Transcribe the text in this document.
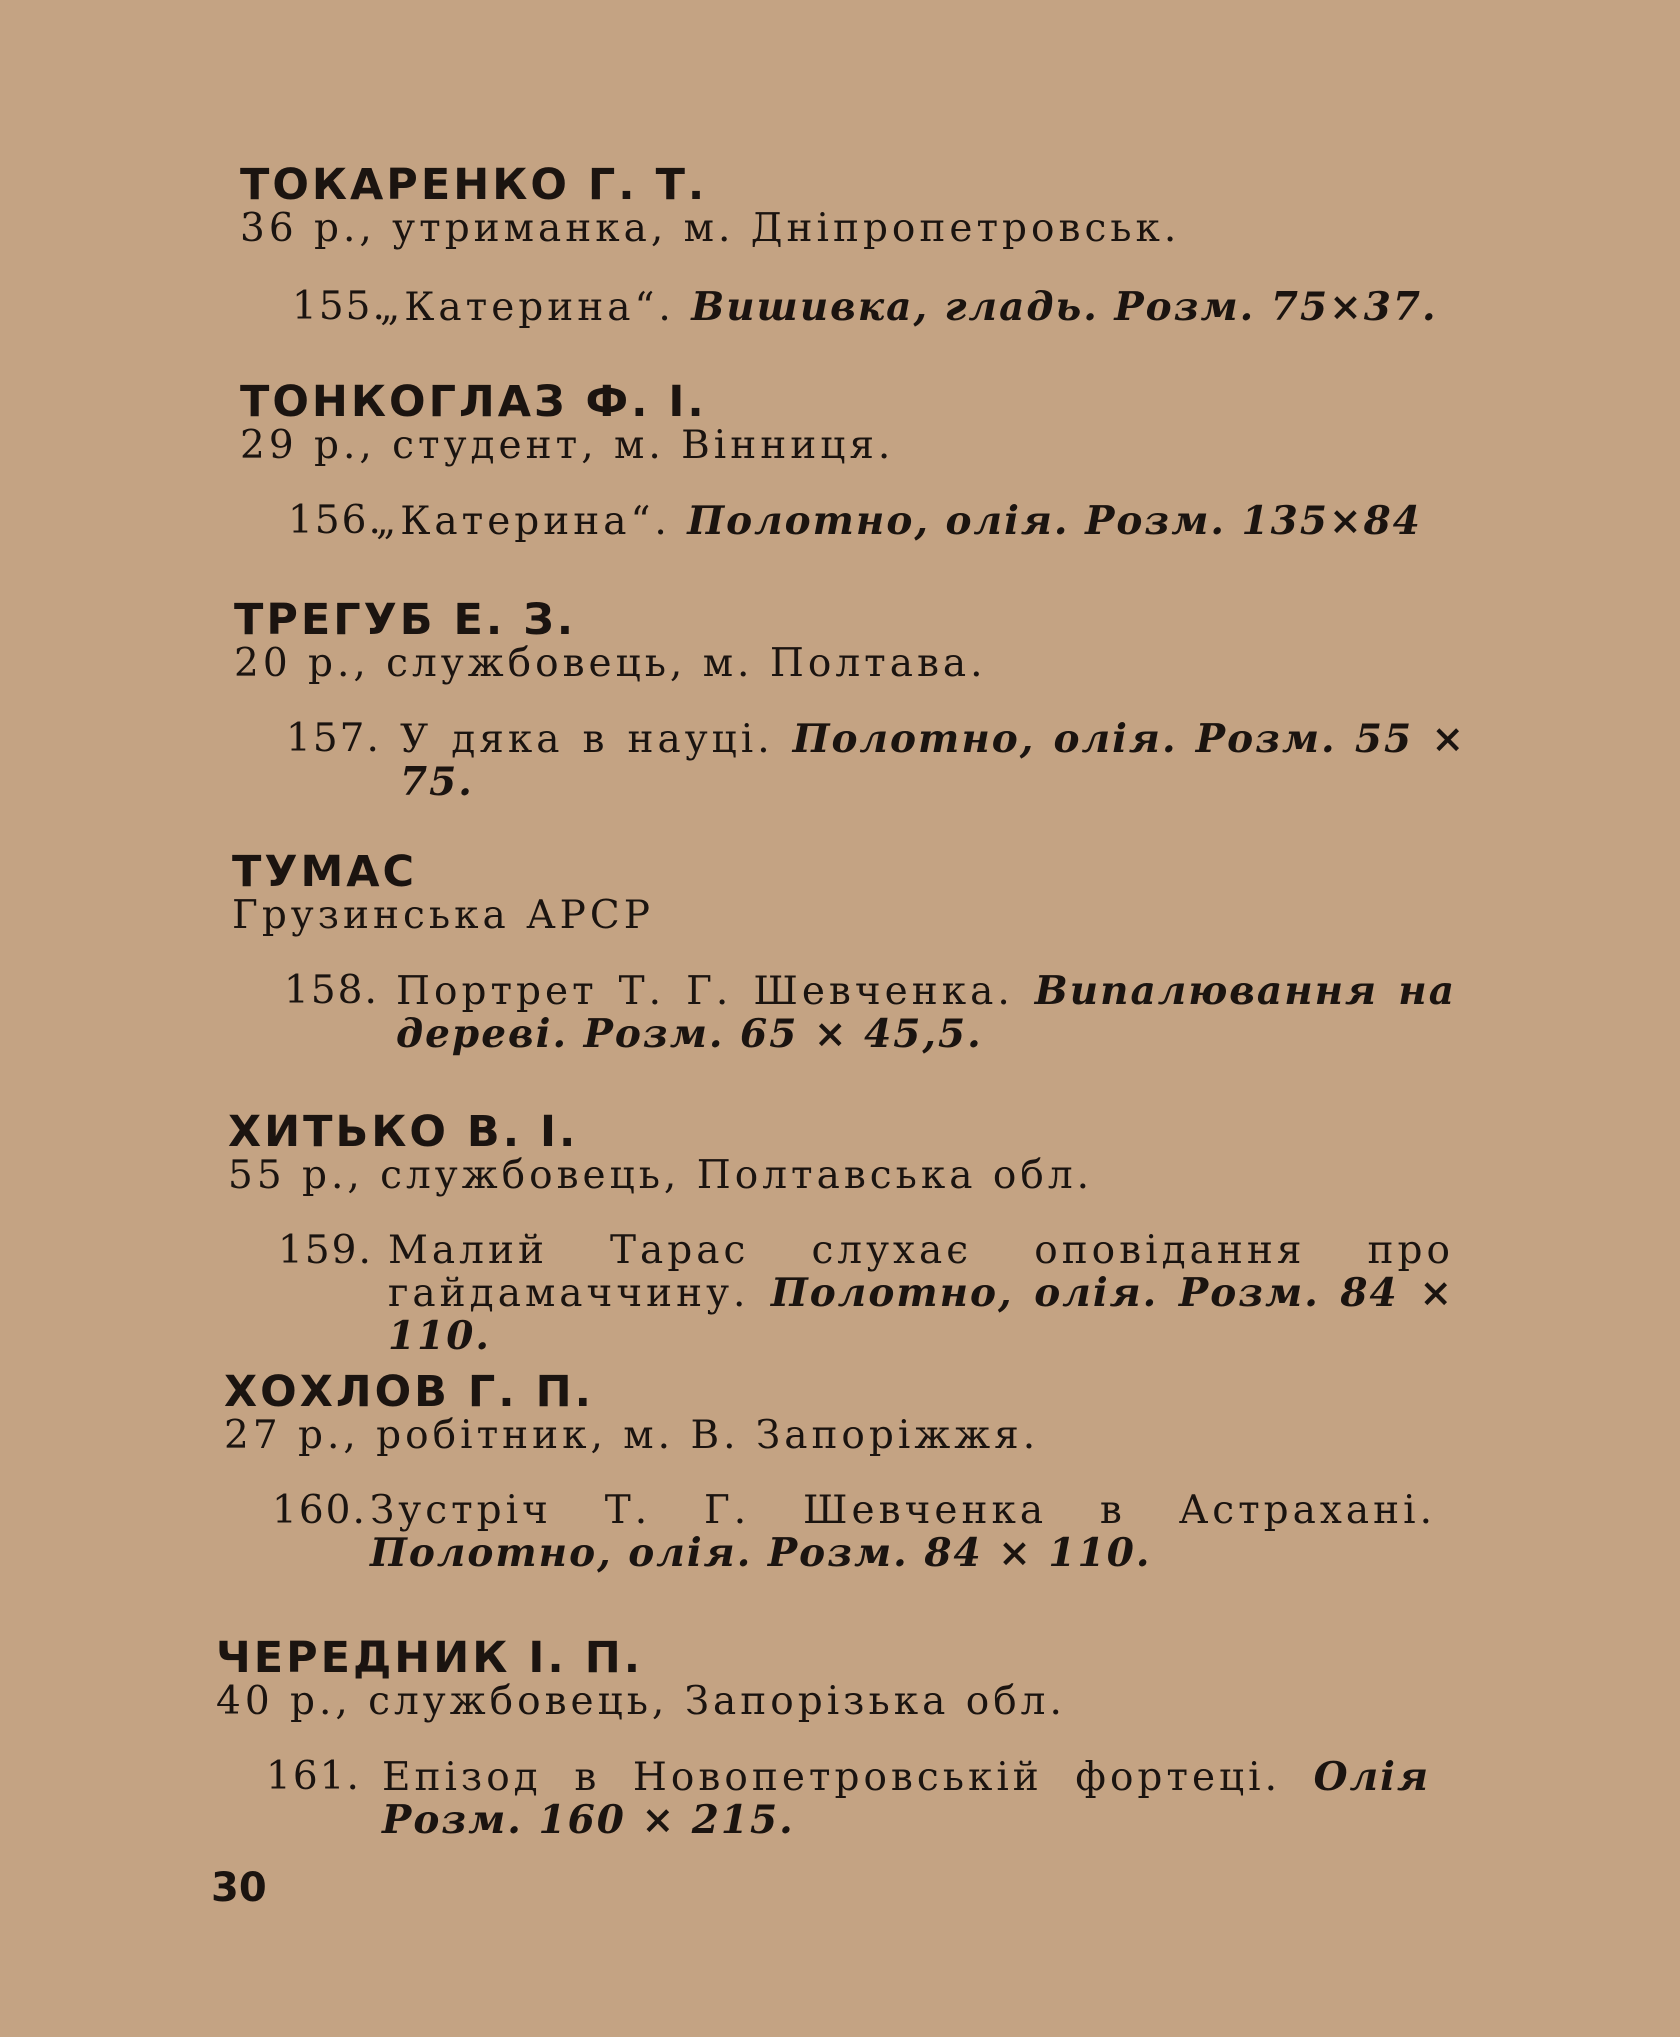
ТОКАРЕНКО Г. Т.
36 р., утриманка, м. Дніпропетровськ.
155.
„Катерина“. Вишивка, гладь. Розм. 75×37.
ТОНКОГЛАЗ Ф. І.
29 р., студент, м. Вінниця.
156.
„Катерина“. Полотно, олія. Розм. 135×84
ТРЕГУБ Е. З.
20 р., службовець, м. Полтава.
157. У дяка в науці. Полотно, олія. Розм. 55 × 75.
ТУМАС
Грузинська АРСР
158. Портрет Т. Г. Шевченка. Випалювання на дереві. Розм. 65 × 45,5.
ХИТЬКО В. І.
55 р., службовець, Полтавська обл.
159. Малий Тарас слухає оповідання про гайдамаччину. Полотно, олія. Розм. 84 × 110.
ХОХЛОВ Г. П.
27 р., робітник, м. В. Запоріжжя.
160. Зустріч Т. Г. Шевченка в Астрахані. Полотно, олія. Розм. 84 × 110.
ЧЕРЕДНИК І. П.
40 р., службовець, Запорізька обл.
161. Епізод в Новопетровській фортеці. Олія Розм. 160 × 215.
30
